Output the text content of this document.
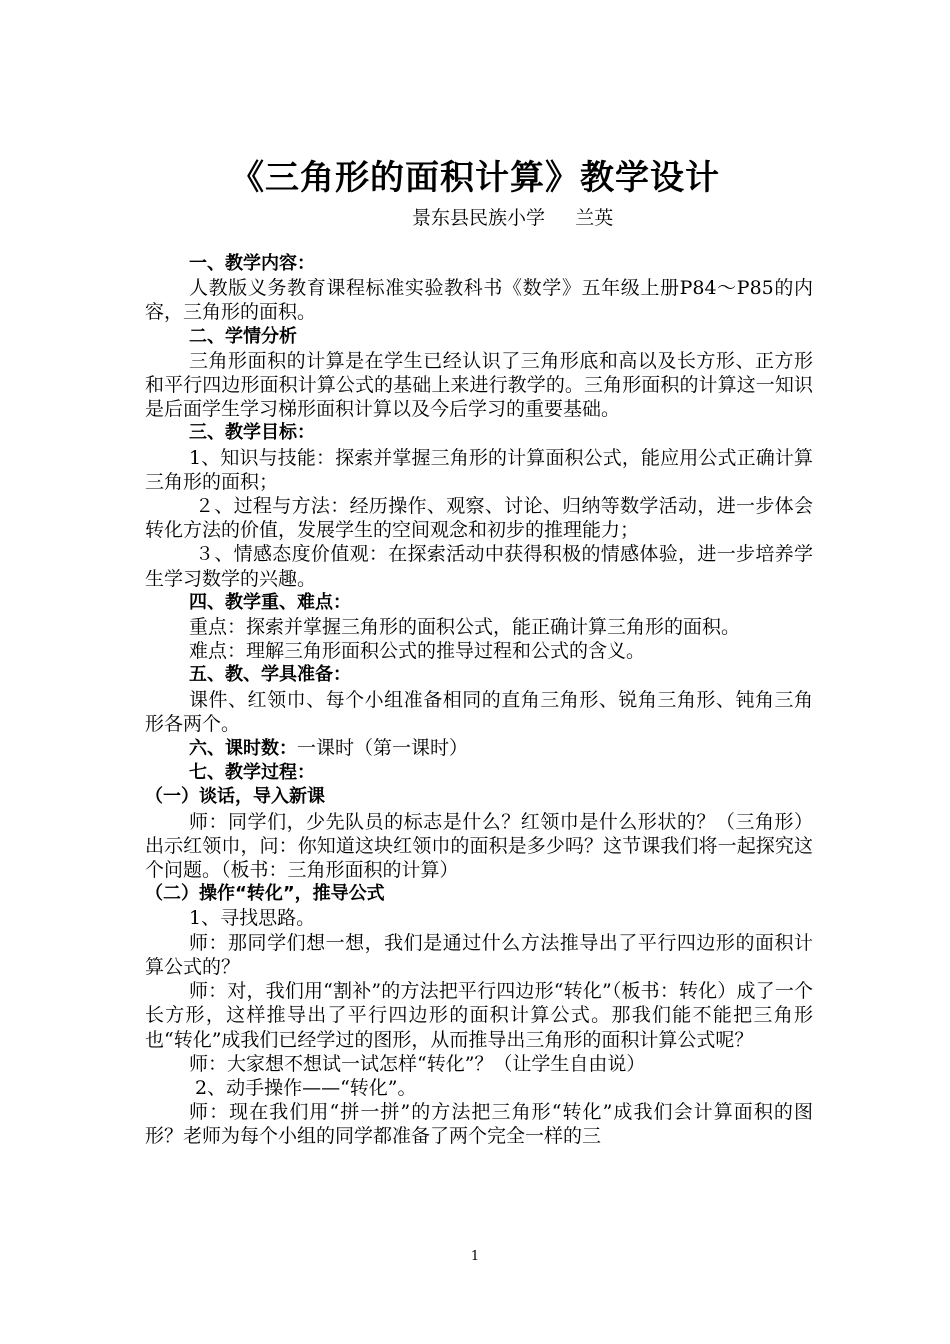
《三角形的面积计算》教学设计
景东县民族小学     兰英

一、教学内容：

人教版义务教育课程标准实验教科书《数学》五年级上册P84～P85的内容，三角形的面积。

二、学情分析

三角形面积的计算是在学生已经认识了三角形底和高以及长方形、正方形和平行四边形面积计算公式的基础上来进行教学的。三角形面积的计算这一知识是后面学生学习梯形面积计算以及今后学习的重要基础。

三、教学目标：

1、知识与技能：探索并掌握三角形的计算面积公式，能应用公式正确计算三角形的面积；

２、过程与方法：经历操作、观察、讨论、归纳等数学活动，进一步体会转化方法的价值，发展学生的空间观念和初步的推理能力；

３、情感态度价值观：在探索活动中获得积极的情感体验，进一步培养学生学习数学的兴趣。

四、教学重、难点：

重点：探索并掌握三角形的面积公式，能正确计算三角形的面积。

难点：理解三角形面积公式的推导过程和公式的含义。

五、教、学具准备：

课件、红领巾、每个小组准备相同的直角三角形、锐角三角形、钝角三角形各两个。

六、课时数：一课时（第一课时）

七、教学过程：

（一）谈话，导入新课

师：同学们，少先队员的标志是什么？红领巾是什么形状的？（三角形）出示红领巾，问：你知道这块红领巾的面积是多少吗？这节课我们将一起探究这个问题。（板书：三角形面积的计算）

（二）操作“转化”，推导公式

1、寻找思路。

师：那同学们想一想，我们是通过什么方法推导出了平行四边形的面积计算公式的？

师：对，我们用“割补”的方法把平行四边形“转化”（板书：转化）成了一个长方形，这样推导出了平行四边形的面积计算公式。那我们能不能把三角形也“转化”成我们已经学过的图形，从而推导出三角形的面积计算公式呢？

师：大家想不想试一试怎样“转化”？（让学生自由说）

2、动手操作——“转化”。

师：现在我们用“拼一拼”的方法把三角形“转化”成我们会计算面积的图形？老师为每个小组的同学都准备了两个完全一样的三

1
